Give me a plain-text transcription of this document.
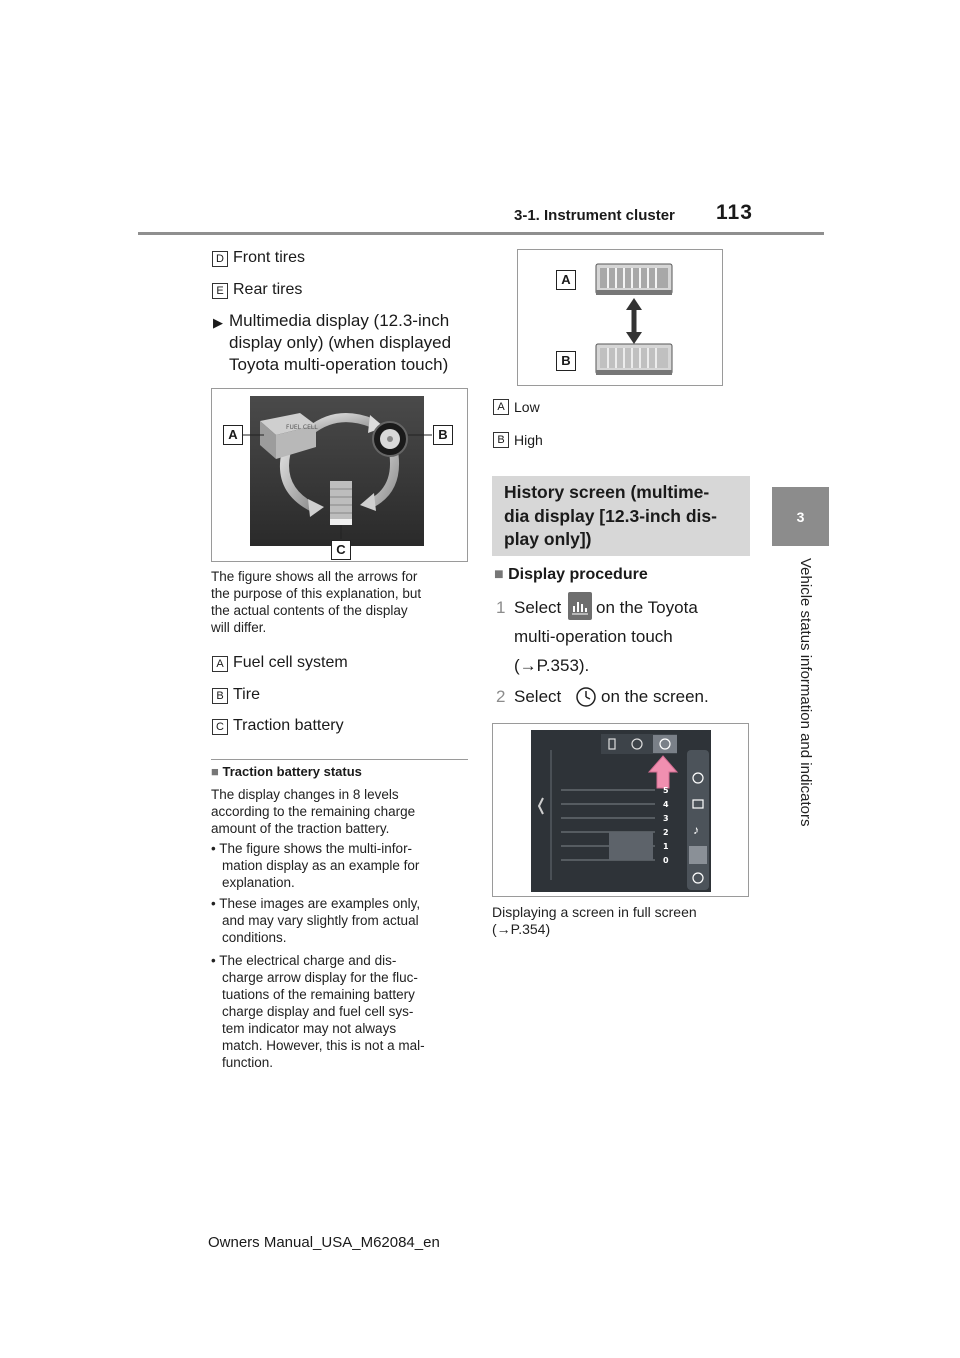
3-1. Instrument cluster 113
3
Vehicle status information and indicators
D Front tires
E Rear tires
▶ Multimedia display (12.3-inch
display only) (when displayed
Toyota multi-operation touch)
FUEL CELL
A	B
C
The figure shows all the arrows for
the purpose of this explanation, but
the actual contents of the display
will differ.
A Fuel cell system
B Tire
C Traction battery
■ Traction battery status
The display changes in 8 levels
according to the remaining charge
amount of the traction battery.
• The figure shows the multi-infor-
mation display as an example for
explanation.
• These images are examples only,
and may vary slightly from actual
conditions.
• The electrical charge and dis-
charge arrow display for the fluc-
tuations of the remaining battery
charge display and fuel cell sys-
tem indicator may not always
match. However, this is not a mal-
function.
A
B
A Low
B High
History screen (multime-
dia display [12.3-inch dis-
play only])
■ Display procedure
1 Select on the Toyota
multi-operation touch
(→P.353).
2 Select on the screen.
5
4
3
2
1
0
♪
Displaying a screen in full screen
(→P.354)
Owners Manual_USA_M62084_en
